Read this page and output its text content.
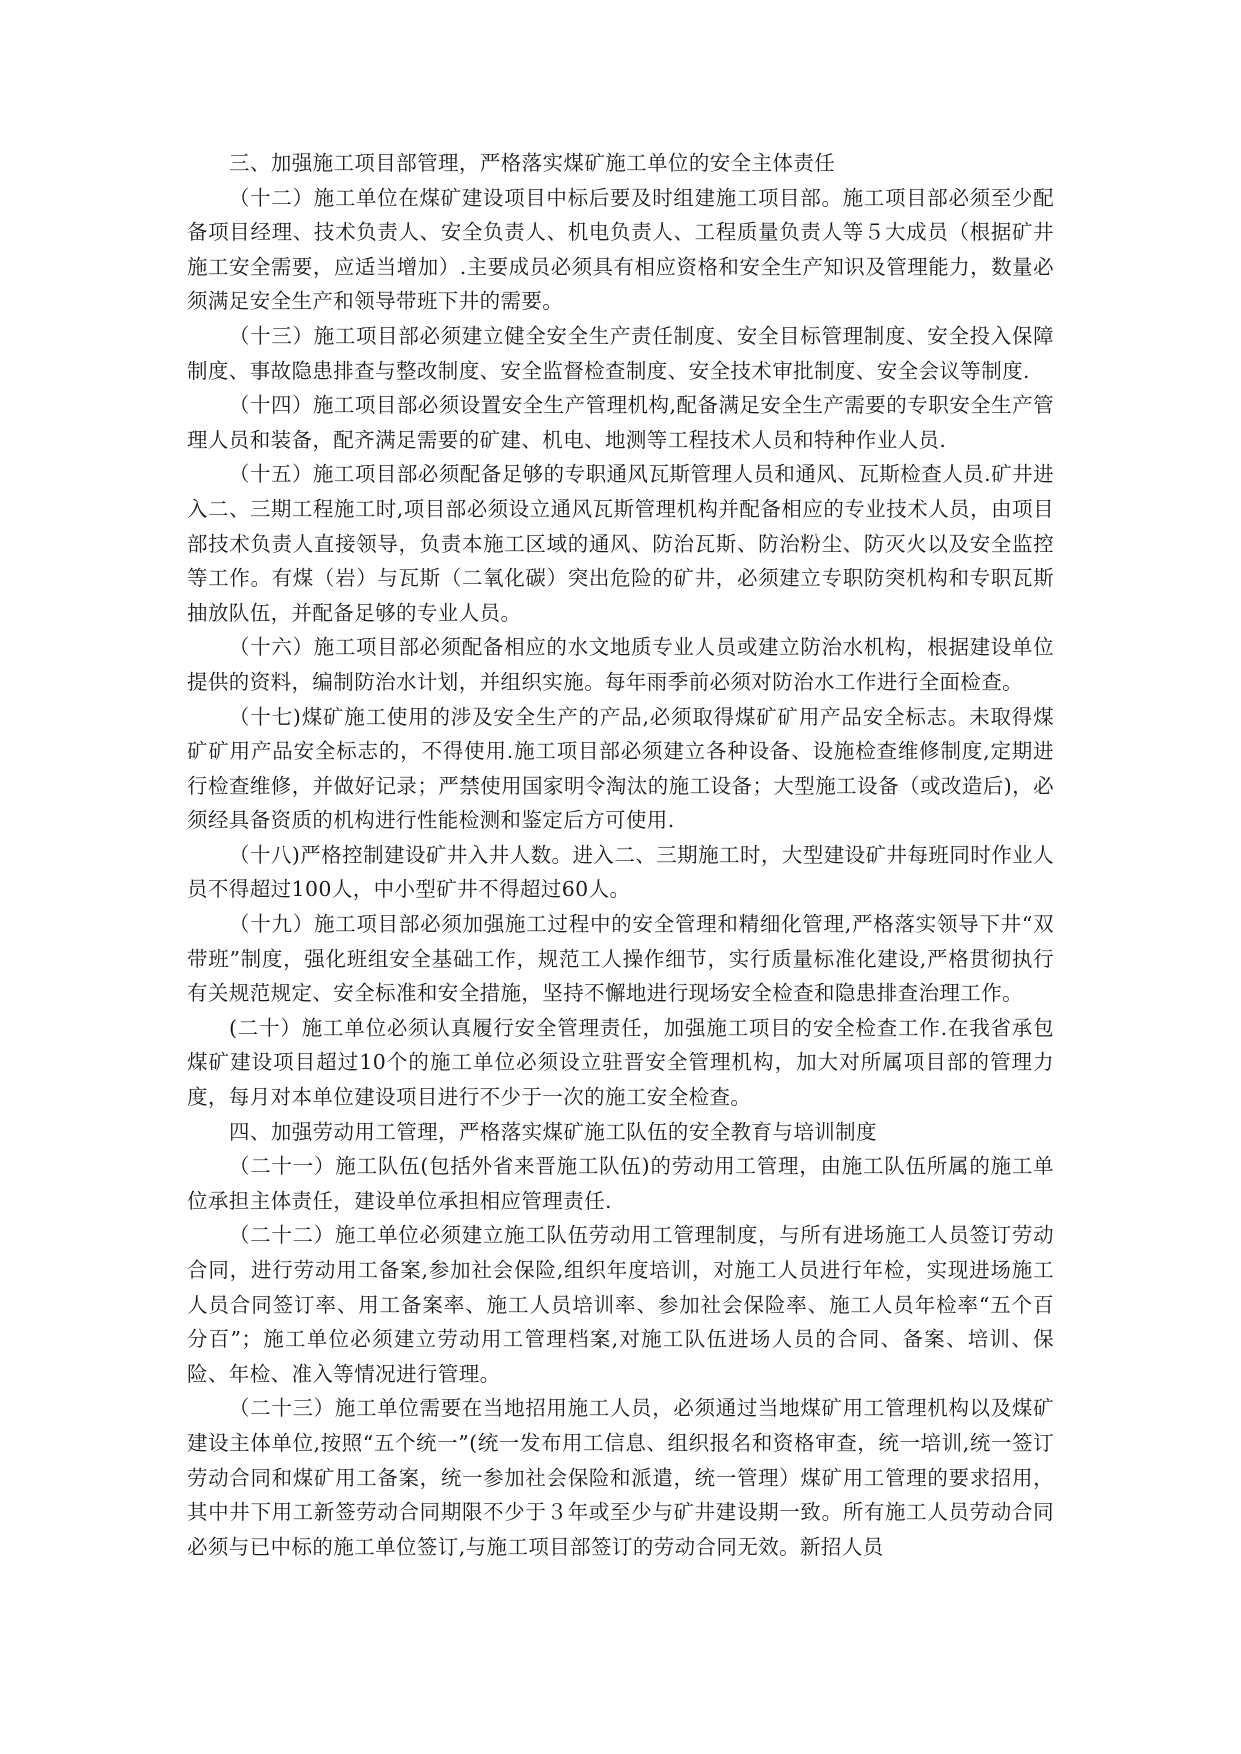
三、加强施工项目部管理，严格落实煤矿施工单位的安全主体责任

（十二）施工单位在煤矿建设项目中标后要及时组建施工项目部。施工项目部必须至少配备项目经理、技术负责人、安全负责人、机电负责人、工程质量负责人等５大成员（根据矿井施工安全需要，应适当增加）.主要成员必须具有相应资格和安全生产知识及管理能力，数量必须满足安全生产和领导带班下井的需要。

（十三）施工项目部必须建立健全安全生产责任制度、安全目标管理制度、安全投入保障制度、事故隐患排查与整改制度、安全监督检查制度、安全技术审批制度、安全会议等制度.

（十四）施工项目部必须设置安全生产管理机构,配备满足安全生产需要的专职安全生产管理人员和装备，配齐满足需要的矿建、机电、地测等工程技术人员和特种作业人员.

（十五）施工项目部必须配备足够的专职通风瓦斯管理人员和通风、瓦斯检查人员.矿井进入二、三期工程施工时,项目部必须设立通风瓦斯管理机构并配备相应的专业技术人员，由项目部技术负责人直接领导，负责本施工区域的通风、防治瓦斯、防治粉尘、防灭火以及安全监控等工作。有煤（岩）与瓦斯（二氧化碳）突出危险的矿井，必须建立专职防突机构和专职瓦斯抽放队伍，并配备足够的专业人员。

（十六）施工项目部必须配备相应的水文地质专业人员或建立防治水机构，根据建设单位提供的资料，编制防治水计划，并组织实施。每年雨季前必须对防治水工作进行全面检查。

（十七)煤矿施工使用的涉及安全生产的产品,必须取得煤矿矿用产品安全标志。未取得煤矿矿用产品安全标志的，不得使用.施工项目部必须建立各种设备、设施检查维修制度,定期进行检查维修，并做好记录；严禁使用国家明令淘汰的施工设备；大型施工设备（或改造后)，必须经具备资质的机构进行性能检测和鉴定后方可使用.

（十八)严格控制建设矿井入井人数。进入二、三期施工时，大型建设矿井每班同时作业人员不得超过100人，中小型矿井不得超过60人。

（十九）施工项目部必须加强施工过程中的安全管理和精细化管理,严格落实领导下井“双带班”制度，强化班组安全基础工作，规范工人操作细节，实行质量标准化建设,严格贯彻执行有关规范规定、安全标准和安全措施，坚持不懈地进行现场安全检查和隐患排查治理工作。

(二十）施工单位必须认真履行安全管理责任，加强施工项目的安全检查工作.在我省承包煤矿建设项目超过10个的施工单位必须设立驻晋安全管理机构，加大对所属项目部的管理力度，每月对本单位建设项目进行不少于一次的施工安全检查。

四、加强劳动用工管理，严格落实煤矿施工队伍的安全教育与培训制度

（二十一）施工队伍(包括外省来晋施工队伍)的劳动用工管理，由施工队伍所属的施工单位承担主体责任，建设单位承担相应管理责任.

（二十二）施工单位必须建立施工队伍劳动用工管理制度，与所有进场施工人员签订劳动合同，进行劳动用工备案,参加社会保险,组织年度培训，对施工人员进行年检，实现进场施工人员合同签订率、用工备案率、施工人员培训率、参加社会保险率、施工人员年检率“五个百分百”；施工单位必须建立劳动用工管理档案,对施工队伍进场人员的合同、备案、培训、保险、年检、准入等情况进行管理。

（二十三）施工单位需要在当地招用施工人员，必须通过当地煤矿用工管理机构以及煤矿建设主体单位,按照“五个统一”(统一发布用工信息、组织报名和资格审查，统一培训,统一签订劳动合同和煤矿用工备案，统一参加社会保险和派遣，统一管理）煤矿用工管理的要求招用，其中井下用工新签劳动合同期限不少于３年或至少与矿井建设期一致。所有施工人员劳动合同必须与已中标的施工单位签订,与施工项目部签订的劳动合同无效。新招人员
